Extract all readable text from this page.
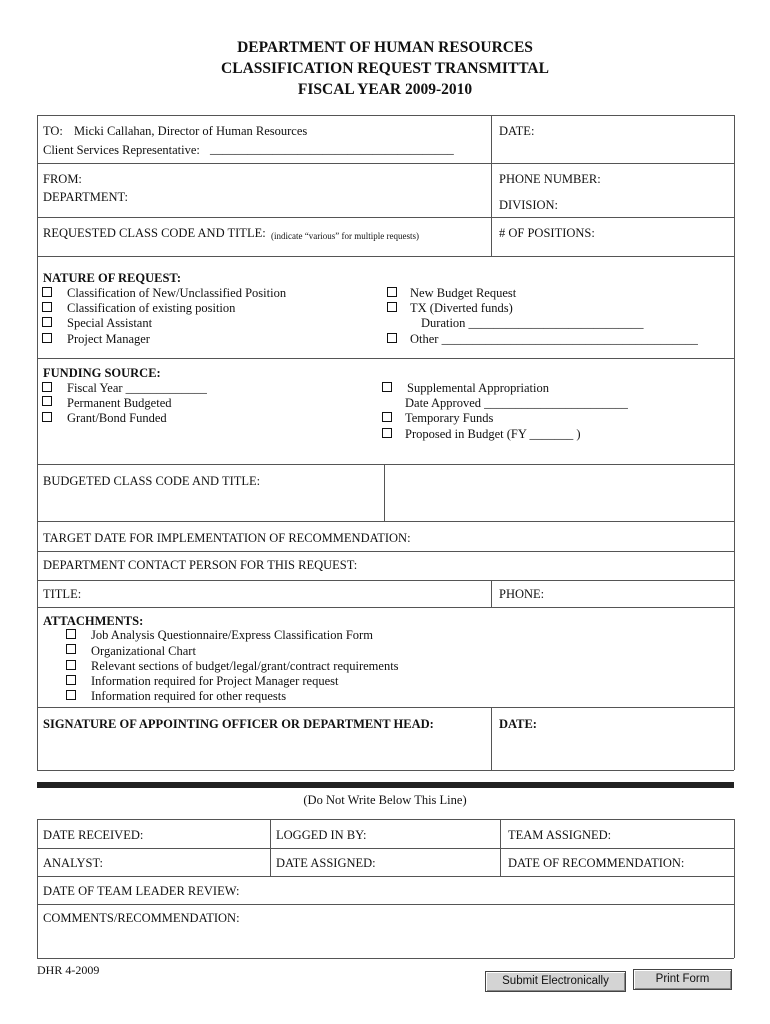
DEPARTMENT OF HUMAN RESOURCES
CLASSIFICATION REQUEST TRANSMITTAL
FISCAL YEAR 2009-2010
TO: Micki Callahan, Director of Human Resources
Client Services Representative: _______________________________________
DATE:
FROM:	PHONE NUMBER:
DEPARTMENT:
DIVISION:
REQUESTED CLASS CODE AND TITLE: (indicate “various” for multiple requests)	# OF POSITIONS:
NATURE OF REQUEST:
Classification of New/Unclassified Position
Classification of existing position
Special Assistant
Project Manager
New Budget Request
TX (Diverted funds)
Duration ____________________________
Other _________________________________________
FUNDING SOURCE:
Fiscal Year _____________
Permanent Budgeted
Grant/Bond Funded
Supplemental Appropriation
Date Approved _______________________
Temporary Funds
Proposed in Budget (FY _______ )
BUDGETED CLASS CODE AND TITLE:
TARGET DATE FOR IMPLEMENTATION OF RECOMMENDATION:
DEPARTMENT CONTACT PERSON FOR THIS REQUEST:
TITLE:	PHONE:
ATTACHMENTS:
Job Analysis Questionnaire/Express Classification Form
Organizational Chart
Relevant sections of budget/legal/grant/contract requirements
Information required for Project Manager request
Information required for other requests
SIGNATURE OF APPOINTING OFFICER OR DEPARTMENT HEAD:	DATE:
(Do Not Write Below This Line)
DATE RECEIVED:	LOGGED IN BY:	TEAM ASSIGNED:
ANALYST:	DATE ASSIGNED:	DATE OF RECOMMENDATION:
DATE OF TEAM LEADER REVIEW:
COMMENTS/RECOMMENDATION:
DHR 4-2009
Submit Electronically	Print Form
